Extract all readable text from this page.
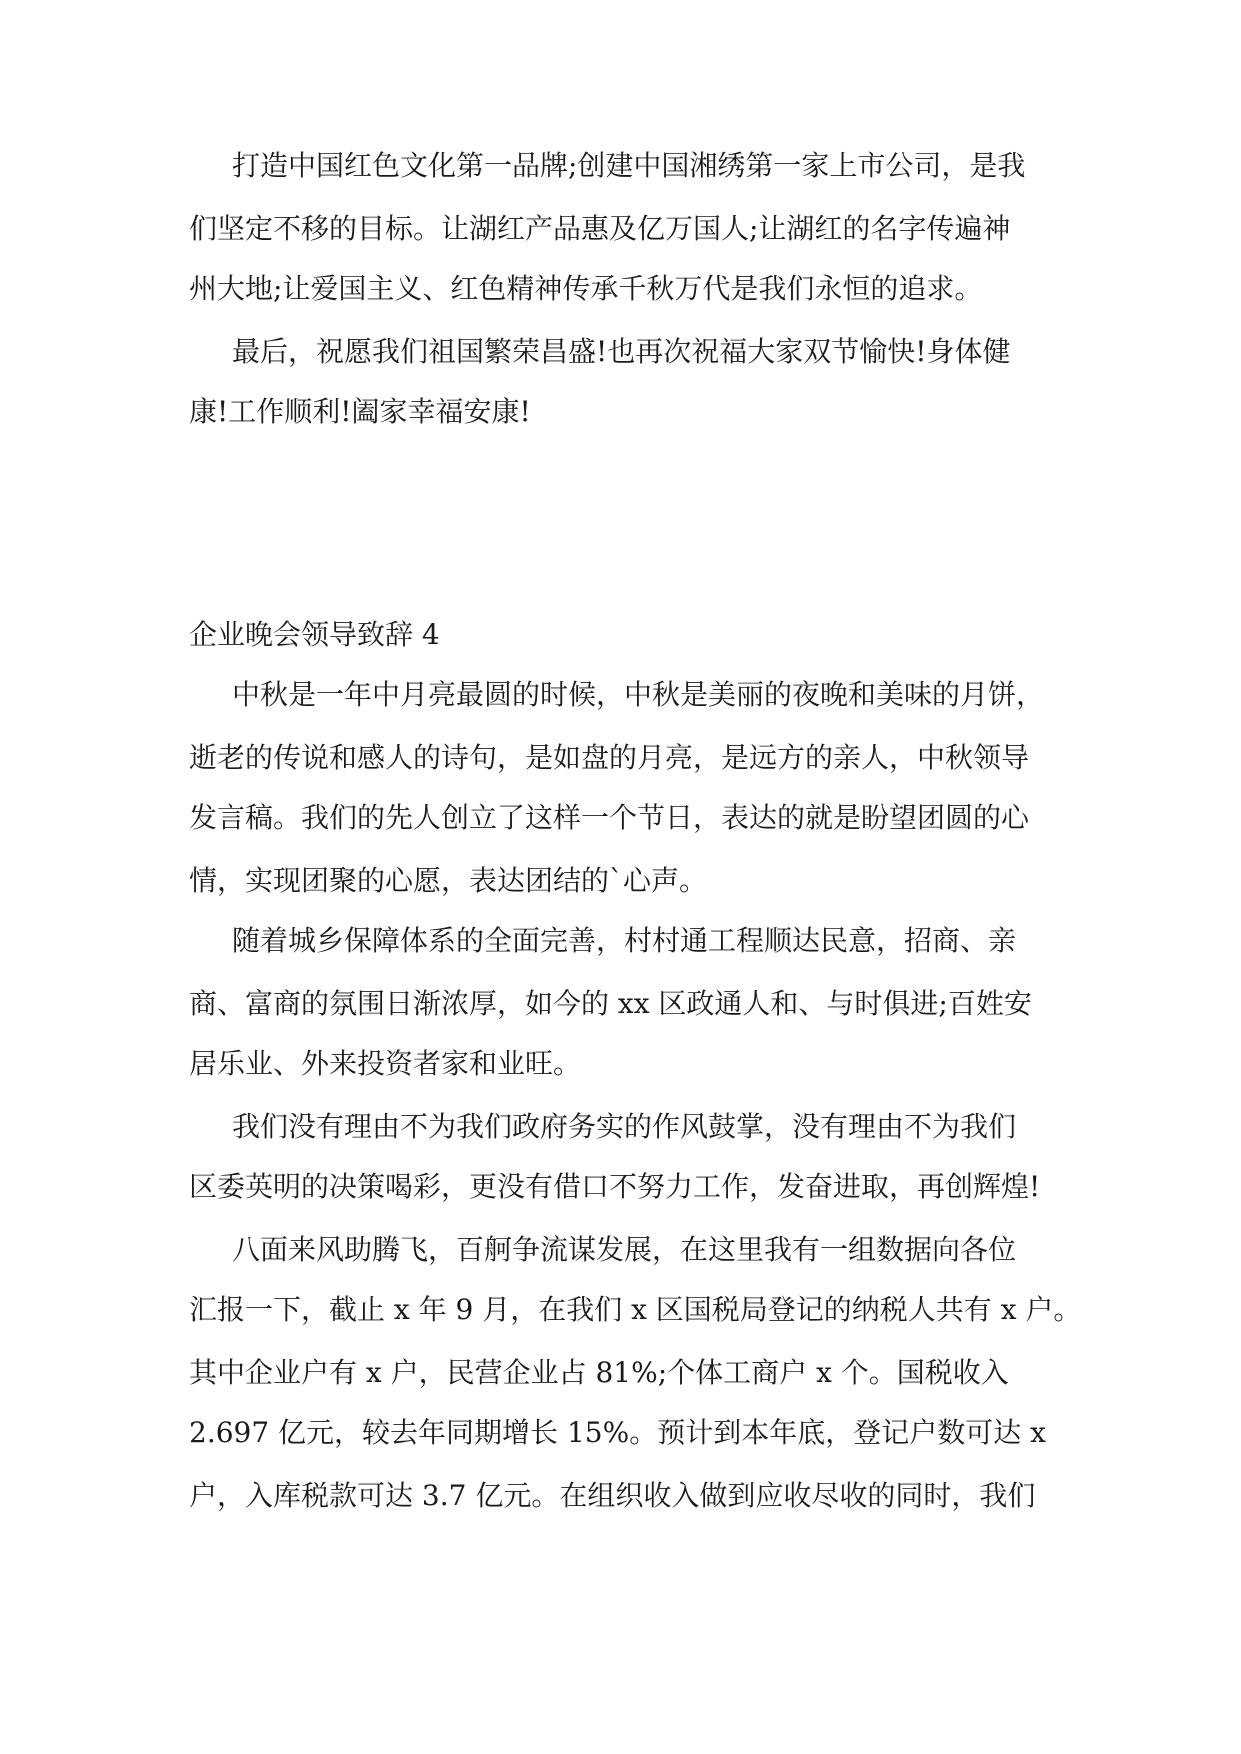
打造中国红色文化第一品牌;创建中国湘绣第一家上市公司，是我
们坚定不移的目标。让湖红产品惠及亿万国人;让湖红的名字传遍神
州大地;让爱国主义、红色精神传承千秋万代是我们永恒的追求。
最后，祝愿我们祖国繁荣昌盛!也再次祝福大家双节愉快!身体健
康!工作顺利!阖家幸福安康!
企业晚会领导致辞 4
中秋是一年中月亮最圆的时候，中秋是美丽的夜晚和美味的月饼，
逝老的传说和感人的诗句，是如盘的月亮，是远方的亲人，中秋领导
发言稿。我们的先人创立了这样一个节日，表达的就是盼望团圆的心
情，实现团聚的心愿，表达团结的`心声。
随着城乡保障体系的全面完善，村村通工程顺达民意，招商、亲
商、富商的氛围日渐浓厚，如今的 xx 区政通人和、与时俱进;百姓安
居乐业、外来投资者家和业旺。
我们没有理由不为我们政府务实的作风鼓掌，没有理由不为我们
区委英明的决策喝彩，更没有借口不努力工作，发奋进取，再创辉煌!
八面来风助腾飞，百舸争流谋发展，在这里我有一组数据向各位
汇报一下，截止 x 年 9 月，在我们 x 区国税局登记的纳税人共有 x 户。
其中企业户有 x 户，民营企业占 81%;个体工商户 x 个。国税收入
2.697 亿元，较去年同期增长 15%。预计到本年底，登记户数可达 x
户，入库税款可达 3.7 亿元。在组织收入做到应收尽收的同时，我们
